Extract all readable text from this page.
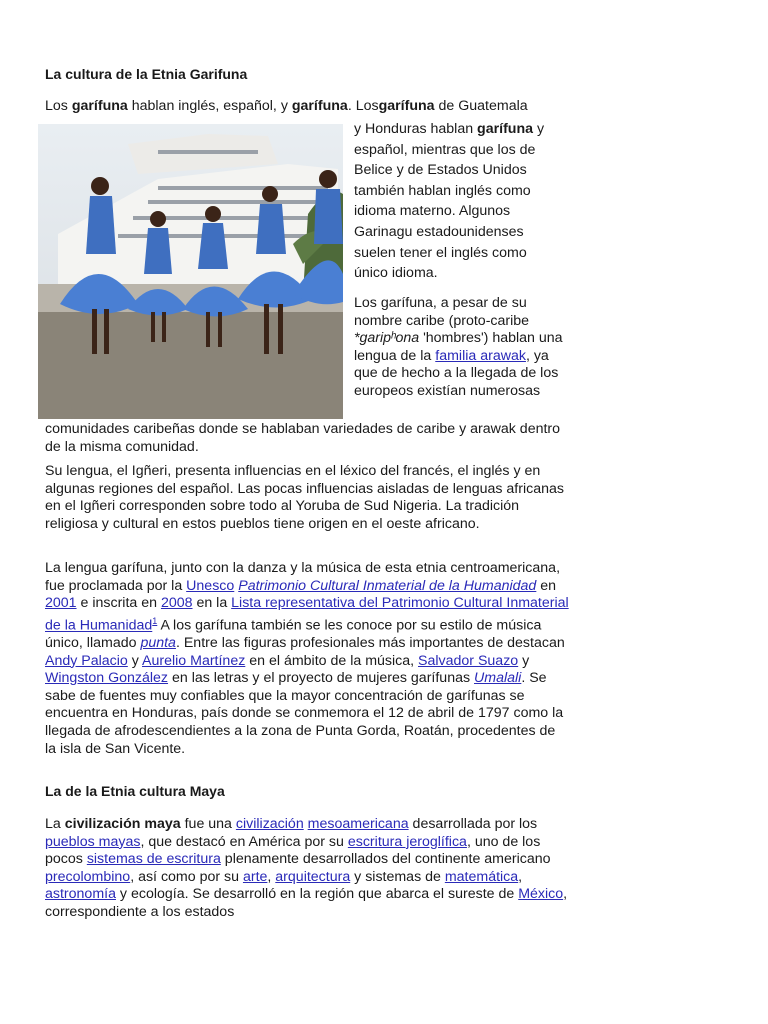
La cultura de la Etnia Garifuna

Los garífuna hablan inglés, español, y garífuna. Losgarífuna de Guatemala

y Honduras hablan garífuna y español, mientras que los de Belice y de Estados Unidos también hablan inglés como idioma materno. Algunos Garinagu estadounidenses suelen tener el inglés como único idioma.

Los garífuna, a pesar de su nombre caribe (proto-caribe *garipʰona 'hombres') hablan una lengua de la familia arawak, ya que de hecho a la llegada de los europeos existían numerosas

comunidades caribeñas donde se hablaban variedades de caribe y arawak dentro de la misma comunidad.

Su lengua, el Igñeri, presenta influencias en el léxico del francés, el inglés y en algunas regiones del español. Las pocas influencias aisladas de lenguas africanas en el Igñeri corresponden sobre todo al Yoruba de Sud Nigeria. La tradición religiosa y cultural en estos pueblos tiene origen en el oeste africano.

La lengua garífuna, junto con la danza y la música de esta etnia centroamericana, fue proclamada por la Unesco Patrimonio Cultural Inmaterial de la Humanidad en 2001 e inscrita en 2008 en la Lista representativa del Patrimonio Cultural Inmaterial de la Humanidad$^1$ A los garífuna también se les conoce por su estilo de música único, llamado punta. Entre las figuras profesionales más importantes de destacan Andy Palacio y Aurelio Martínez en el ámbito de la música, Salvador Suazo y Wingston González en las letras y el proyecto de mujeres garífunas Umalali. Se sabe de fuentes muy confiables que la mayor concentración de garífunas se encuentra en Honduras, país donde se conmemora el 12 de abril de 1797 como la llegada de afrodescendientes a la zona de Punta Gorda, Roatán, procedentes de la isla de San Vicente.

La de la Etnia cultura Maya

La civilización maya fue una civilización mesoamericana desarrollada por los pueblos mayas, que destacó en América por su escritura jeroglífica, uno de los pocos sistemas de escritura plenamente desarrollados del continente americano precolombino, así como por su arte, arquitectura y sistemas de matemática, astronomía y ecología. Se desarrolló en la región que abarca el sureste de México, correspondiente a los estados
